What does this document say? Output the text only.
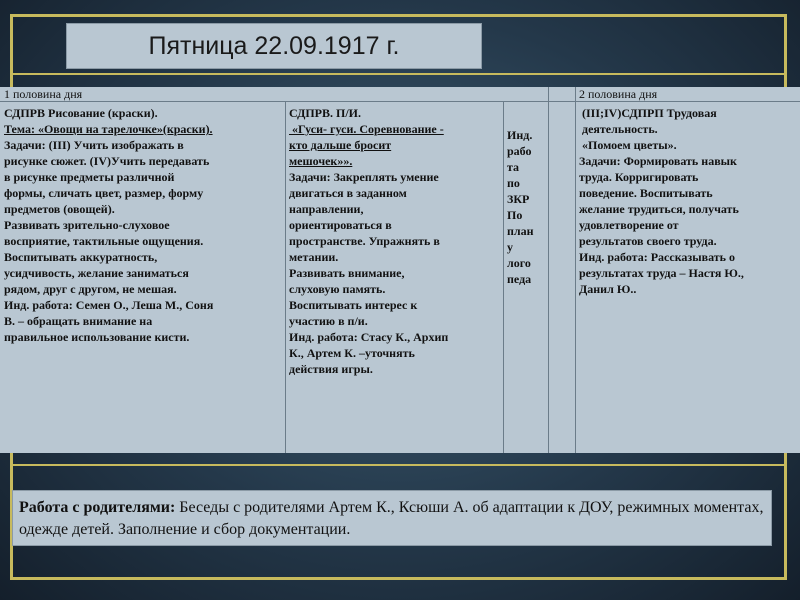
Пятница 22.09.1917 г.
1 половина дня	2 половина дня
СДПРВ Рисование (краски).
Тема: «Овощи на тарелочке»(краски).
Задачи: (III) Учить изображать в
рисунке сюжет. (IV)Учить передавать
в рисунке предметы различной
формы, сличать цвет, размер, форму
предметов (овощей).
Развивать зрительно-слуховое
восприятие, тактильные ощущения.
Воспитывать аккуратность,
усидчивость, желание заниматься
рядом, друг с другом, не мешая.
Инд. работа: Семен О., Леша М., Соня
В. – обращать внимание на
правильное использование кисти.
СДПРВ. П/И.
«Гуси- гуси. Соревнование -
кто дальше бросит
мешочек»».
Задачи: Закреплять умение
двигаться в заданном
направлении,
ориентироваться в
пространстве. Упражнять в
метании.
Развивать внимание,
слуховую память.
Воспитывать интерес к
участию в п/и.
Инд. работа: Стасу К., Архип
К., Артем К. –уточнять
действия игры.
Инд.
рабо
та
по
ЗКР
По
план
у
лого
педа
(III;IV)СДПРП Трудовая
деятельность.
«Помоем цветы».
Задачи: Формировать навык
труда. Корригировать
поведение. Воспитывать
желание трудиться, получать
удовлетворение от
результатов своего труда.
Инд. работа: Рассказывать о
результатах труда – Настя Ю.,
Данил Ю..
Работа с родителями: Беседы с родителями Артем К., Ксюши А. об адаптации к ДОУ, режимных моментах, одежде детей. Заполнение и сбор документации.
